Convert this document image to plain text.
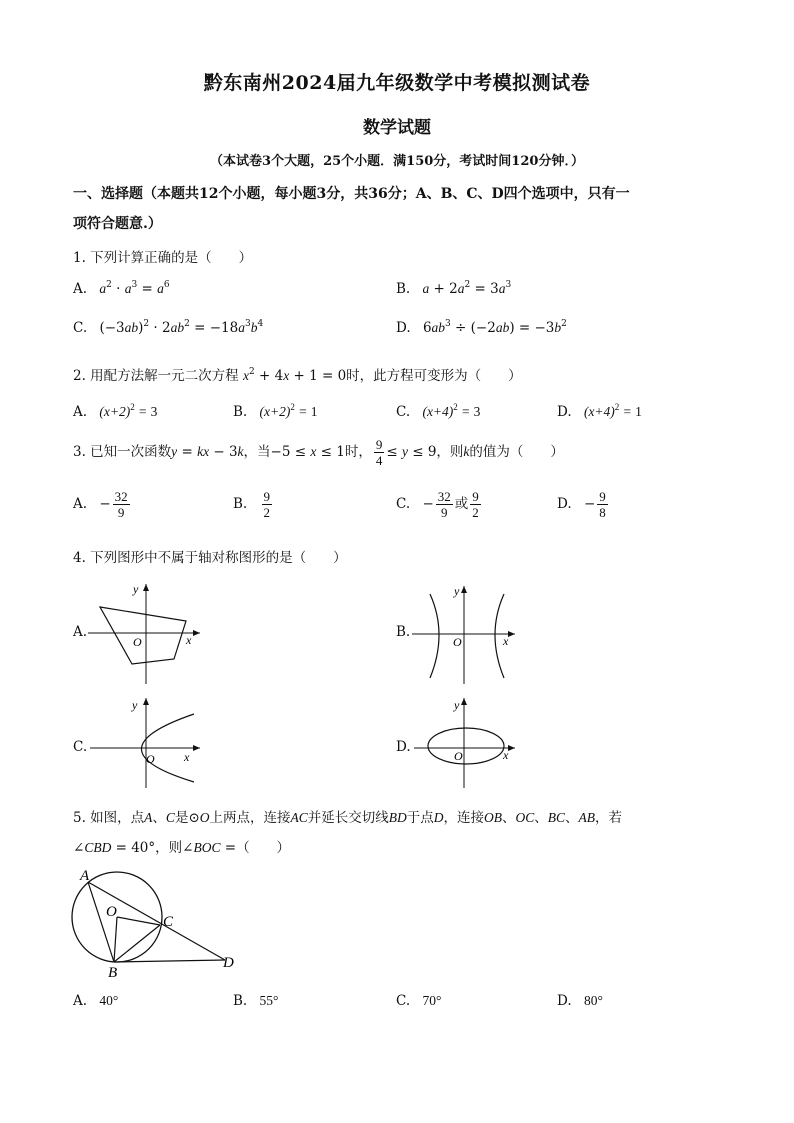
黔东南州2024届九年级数学中考模拟测试卷
数学试题
（本试卷3个大题，25个小题．满150分，考试时间120分钟．）
一、选择题（本题共12个小题，每小题3分，共36分；A、B、C、D四个选项中，只有一
项符合题意.）
1. 下列计算正确的是（　　）
A. $a^2 \cdot a^3 = a^6$	B. $a + 2a^2 = 3a^3$
C. $(-3ab)^2 \cdot 2ab^2 = -18a^3b^4$	D. $6ab^3 \div (-2ab) = -3b^2$
2. 用配方法解一元二次方程 $x^2 + 4x + 1 = 0$时，此方程可变形为（　　）
A. $(x+2)^2 = 3$	B. $(x+2)^2 = 1$	C. $(x+4)^2 = 3$	D. $(x+4)^2 = 1$
3. 已知一次函数y = kx − 3k，当−5 ≤ x ≤ 1时， $\frac{9}{4} \le y \le 9$，则k的值为（　　）
A. − $\frac{32}{9}$	B. $\frac{9}{2}$	C. − $\frac{32}{9}$ 或 $\frac{9}{2}$	D. − $\frac{9}{8}$
4. 下列图形中不属于轴对称图形的是（　　）
A.
y
x
O
B.
y
x
O
C.
y
x
O
D.
y
x
O
5. 如图，点A、C是⊙O上两点，连接AC并延长交切线BD于点D，连接OB、OC、BC、AB，若
∠CBD = 40°，则∠BOC =（　　）
A
O
C
B
D
A. 40°	B. 55°	C. 70°	D. 80°
